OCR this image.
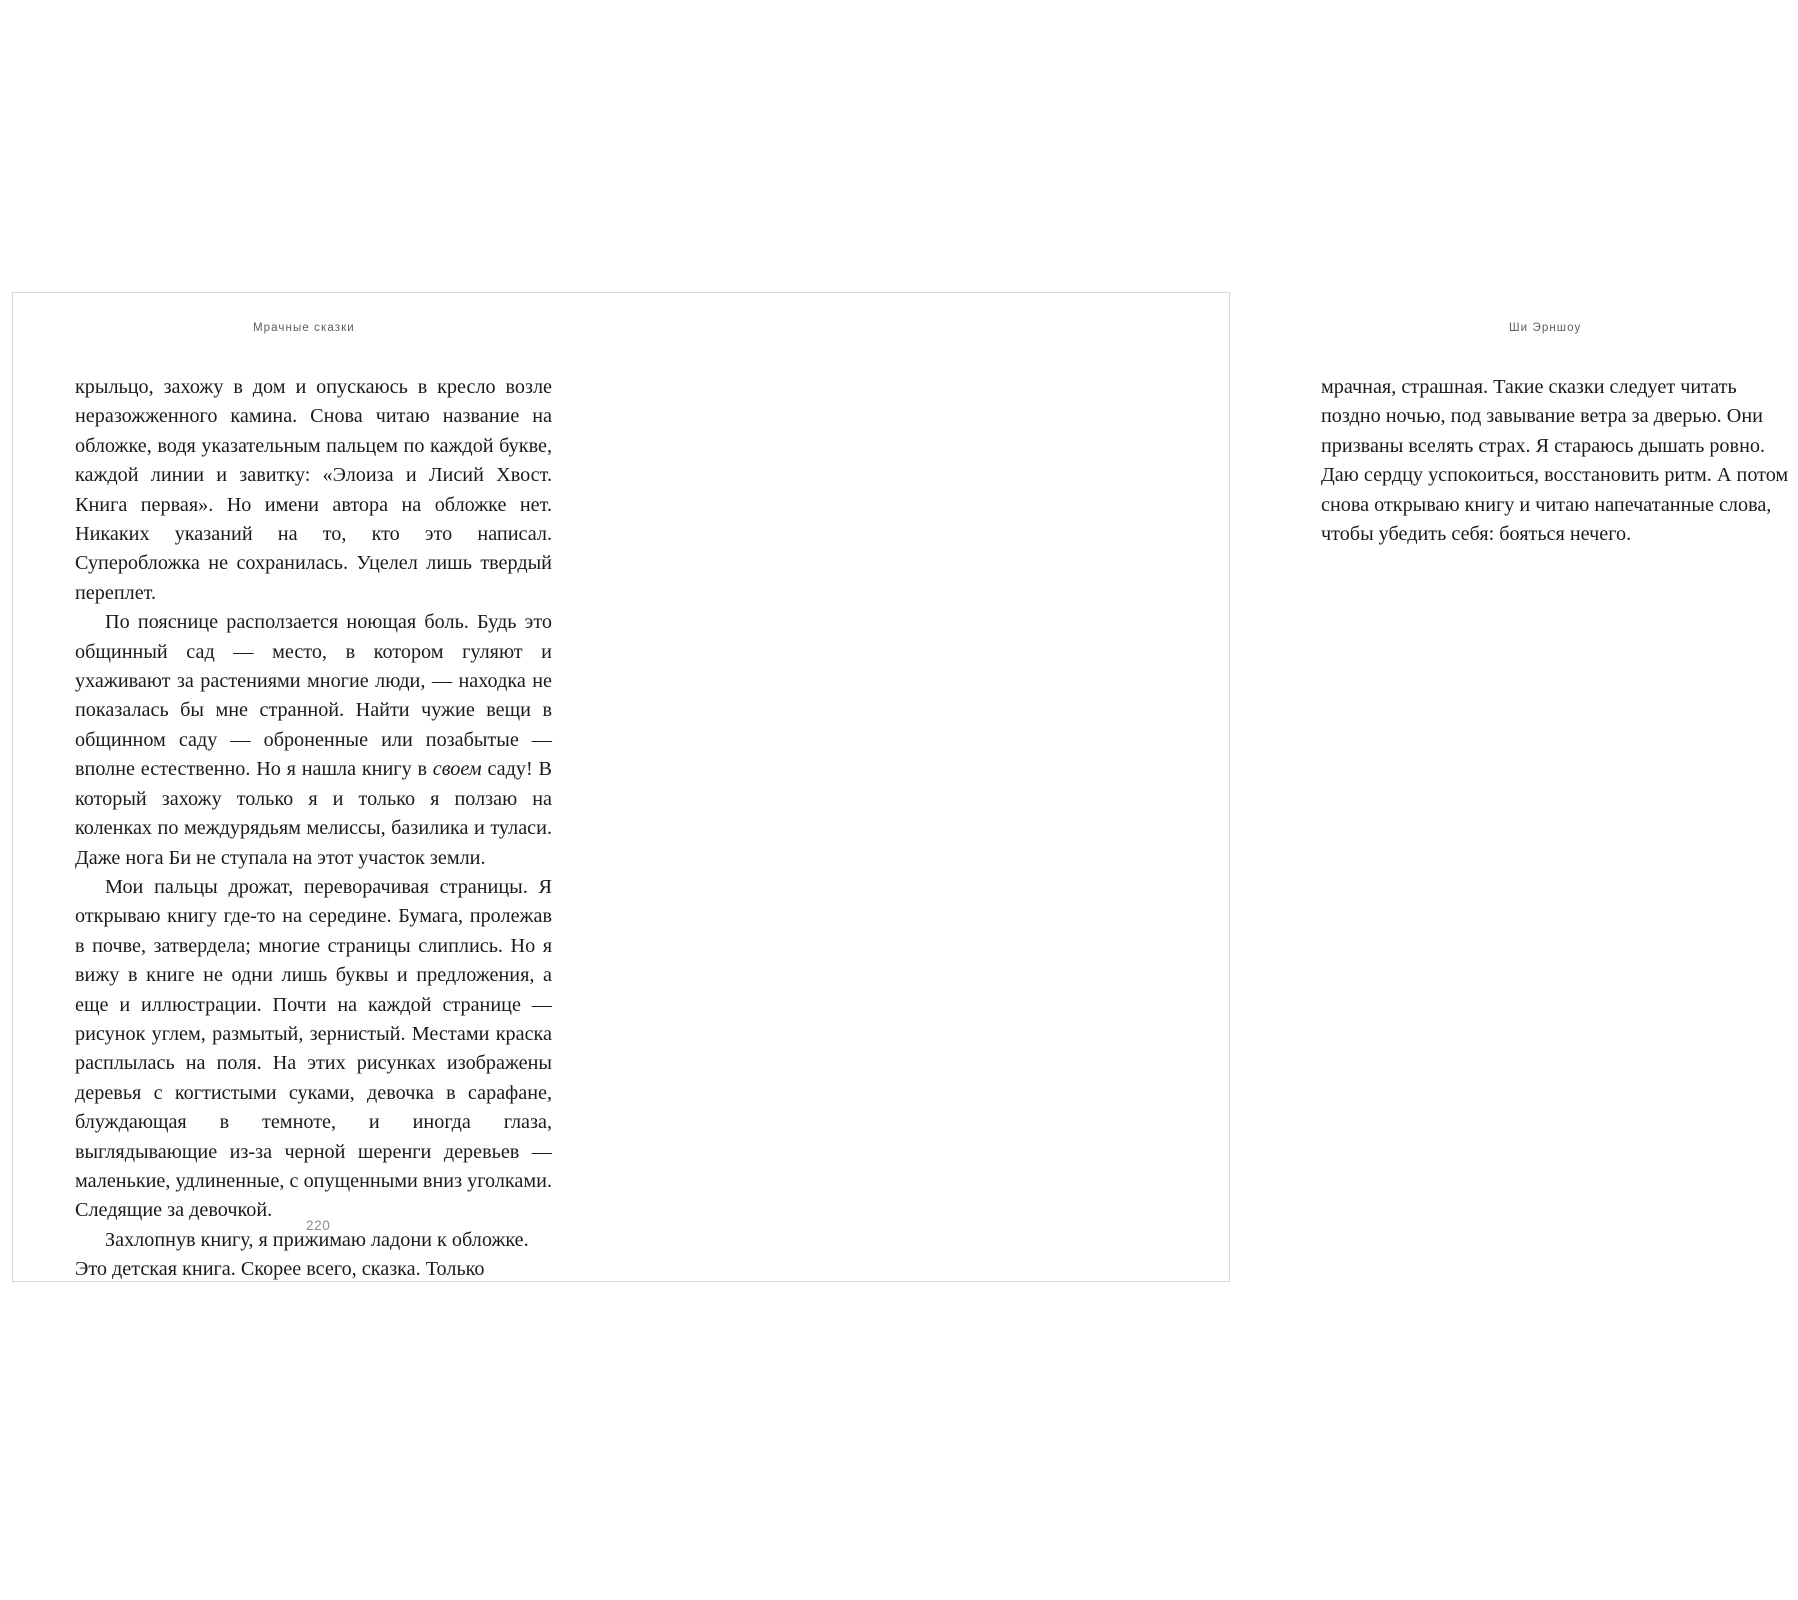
Мрачные сказки

крыльцо, захожу в дом и опускаюсь в кресло возле неразожженного камина. Снова читаю название на обложке, водя указательным пальцем по каждой букве, каждой линии и завитку: «Элоиза и Лисий Хвост. Книга первая». Но имени автора на обложке нет. Никаких указаний на то, кто это написал. Суперобложка не сохранилась. Уцелел лишь твердый переплет.

По пояснице расползается ноющая боль. Будь это общинный сад — место, в котором гуляют и ухаживают за растениями многие люди, — находка не показалась бы мне странной. Найти чужие вещи в общинном саду — оброненные или позабытые — вполне естественно. Но я нашла книгу в своем саду! В который захожу только я и только я ползаю на коленках по междурядьям мелиссы, базилика и туласи. Даже нога Би не ступала на этот участок земли.

Мои пальцы дрожат, переворачивая страницы. Я открываю книгу где-то на середине. Бумага, пролежав в почве, затвердела; многие страницы слиплись. Но я вижу в книге не одни лишь буквы и предложения, а еще и иллюстрации. Почти на каждой странице — рисунок углем, размытый, зернистый. Местами краска расплылась на поля. На этих рисунках изображены деревья с когтистыми суками, девочка в сарафане, блуждающая в темноте, и иногда глаза, выглядывающие из-за черной шеренги деревьев — маленькие, удлиненные, с опущенными вниз уголками. Следящие за девочкой.

Захлопнув книгу, я прижимаю ладони к обложке. Это детская книга. Скорее всего, сказка. Только

220
Ши Эрншоу

мрачная, страшная. Такие сказки следует читать поздно ночью, под завывание ветра за дверью. Они призваны вселять страх. Я стараюсь дышать ровно. Даю сердцу успокоиться, восстановить ритм. А потом снова открываю книгу и читаю напечатанные слова, чтобы убедить себя: бояться нечего.
